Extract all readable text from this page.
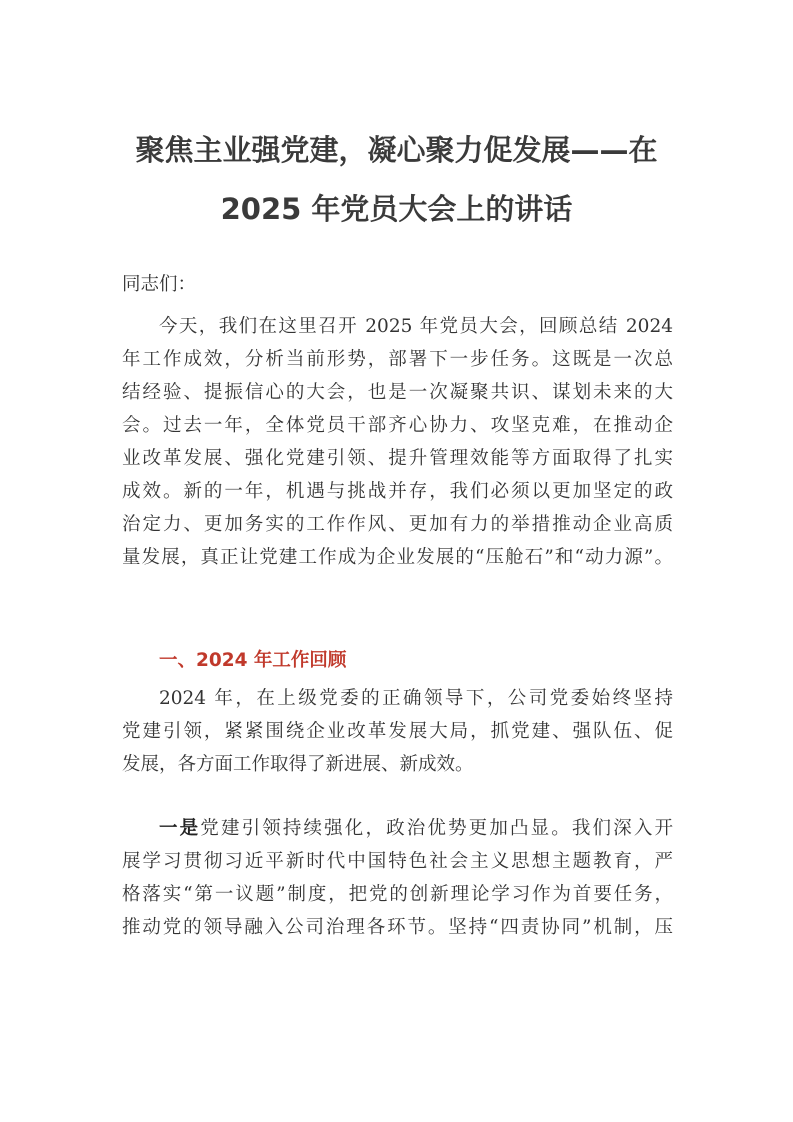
聚焦主业强党建，凝心聚力促发展——在
2025 年党员大会上的讲话
同志们：
今天，我们在这里召开 2025 年党员大会，回顾总结 2024
年工作成效，分析当前形势，部署下一步任务。这既是一次总
结经验、提振信心的大会，也是一次凝聚共识、谋划未来的大
会。过去一年，全体党员干部齐心协力、攻坚克难，在推动企
业改革发展、强化党建引领、提升管理效能等方面取得了扎实
成效。新的一年，机遇与挑战并存，我们必须以更加坚定的政
治定力、更加务实的工作作风、更加有力的举措推动企业高质
量发展，真正让党建工作成为企业发展的“压舱石”和“动力源”。
一、2024 年工作回顾
2024 年，在上级党委的正确领导下，公司党委始终坚持
党建引领，紧紧围绕企业改革发展大局，抓党建、强队伍、促
发展，各方面工作取得了新进展、新成效。
一是党建引领持续强化，政治优势更加凸显。我们深入开
展学习贯彻习近平新时代中国特色社会主义思想主题教育，严
格落实“第一议题”制度，把党的创新理论学习作为首要任务，
推动党的领导融入公司治理各环节。坚持“四责协同”机制，压
